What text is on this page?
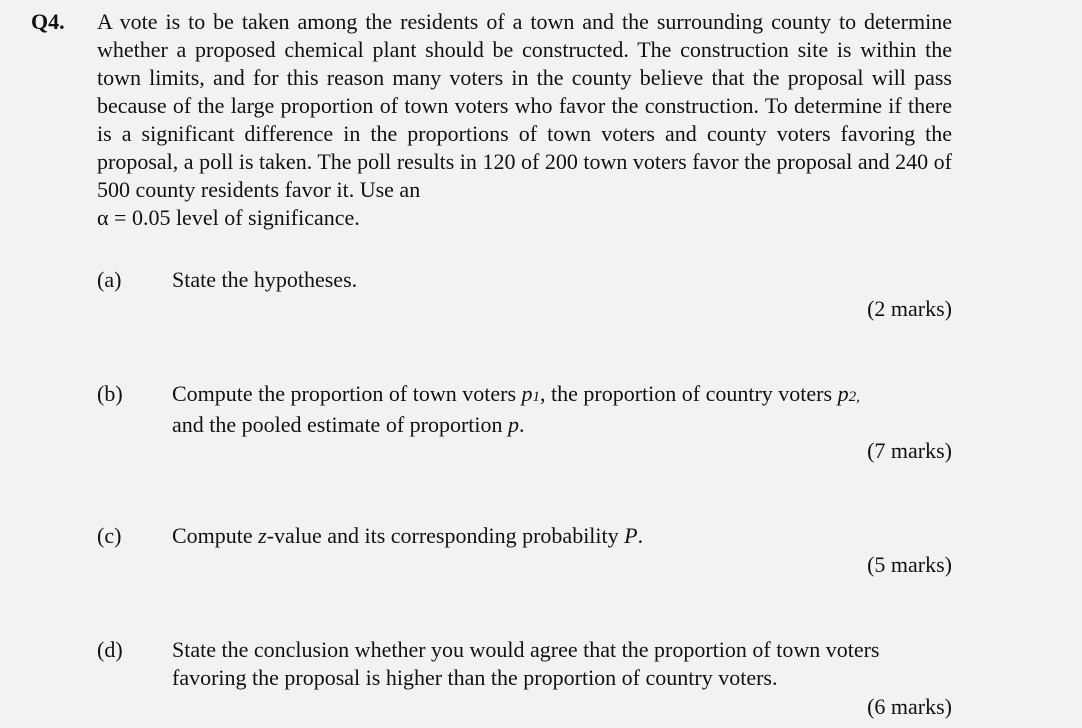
Q4. A vote is to be taken among the residents of a town and the surrounding county to determine whether a proposed chemical plant should be constructed. The construction site is within the town limits, and for this reason many voters in the county believe that the proposal will pass because of the large proportion of town voters who favor the construction. To determine if there is a significant difference in the proportions of town voters and county voters favoring the proposal, a poll is taken. The poll results in 120 of 200 town voters favor the proposal and 240 of 500 county residents favor it. Use an
α = 0.05 level of significance.
(a) State the hypotheses.
(2 marks)
(b) Compute the proportion of town voters p1, the proportion of country voters p2,
and the pooled estimate of proportion p.
(7 marks)
(c) Compute z-value and its corresponding probability P.
(5 marks)
(d) State the conclusion whether you would agree that the proportion of town voters favoring the proposal is higher than the proportion of country voters.
(6 marks)
